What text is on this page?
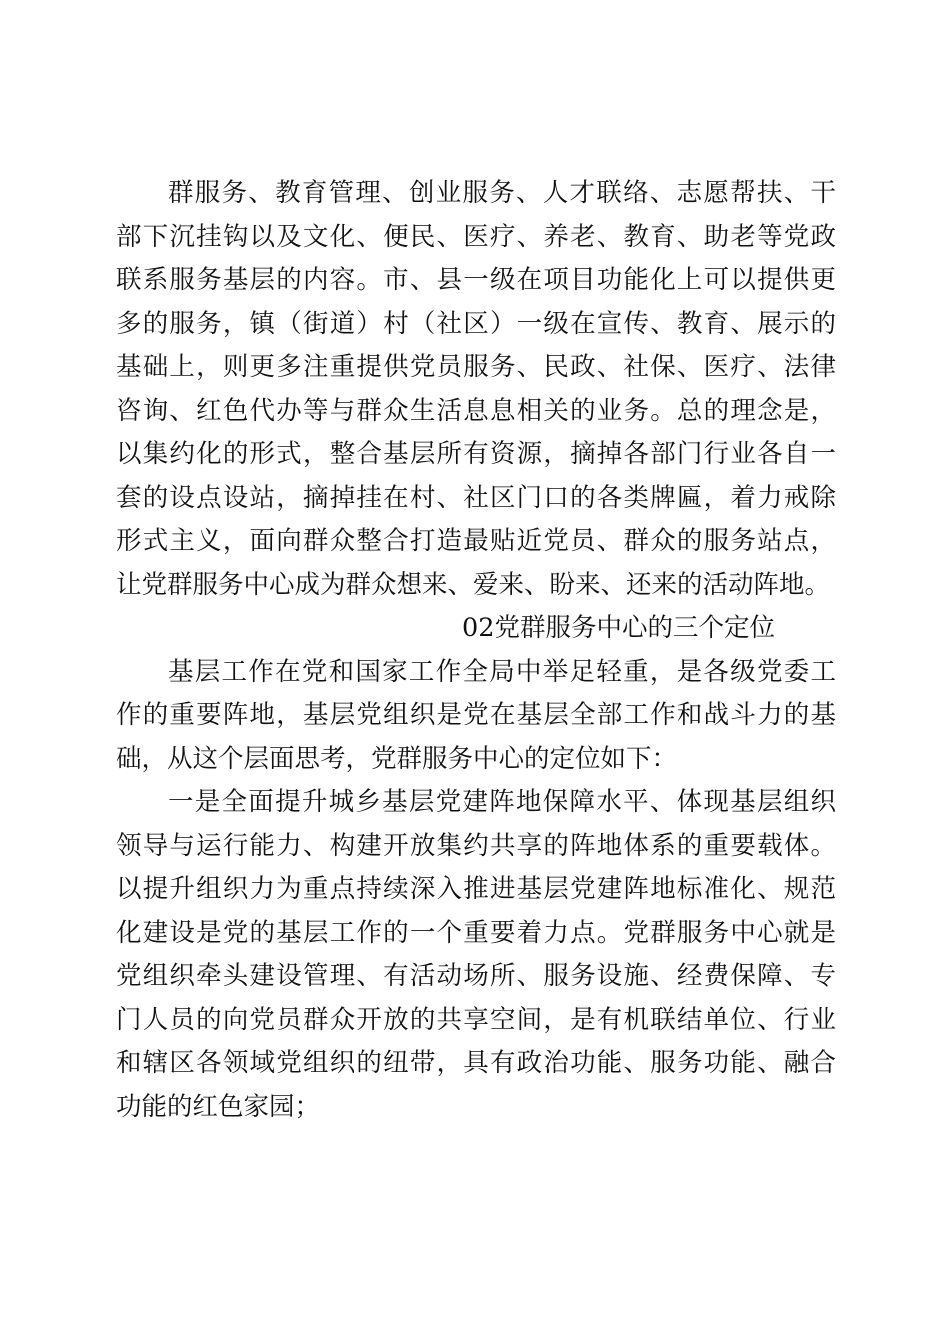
群服务、教育管理、创业服务、人才联络、志愿帮扶、干
部下沉挂钩以及文化、便民、医疗、养老、教育、助老等党政
联系服务基层的内容。市、县一级在项目功能化上可以提供更
多的服务，镇（街道）村（社区）一级在宣传、教育、展示的
基础上，则更多注重提供党员服务、民政、社保、医疗、法律
咨询、红色代办等与群众生活息息相关的业务。总的理念是，
以集约化的形式，整合基层所有资源，摘掉各部门行业各自一
套的设点设站，摘掉挂在村、社区门口的各类牌匾，着力戒除
形式主义，面向群众整合打造最贴近党员、群众的服务站点，
让党群服务中心成为群众想来、爱来、盼来、还来的活动阵地。
02党群服务中心的三个定位
基层工作在党和国家工作全局中举足轻重，是各级党委工
作的重要阵地，基层党组织是党在基层全部工作和战斗力的基
础，从这个层面思考，党群服务中心的定位如下：
一是全面提升城乡基层党建阵地保障水平、体现基层组织
领导与运行能力、构建开放集约共享的阵地体系的重要载体。
以提升组织力为重点持续深入推进基层党建阵地标准化、规范
化建设是党的基层工作的一个重要着力点。党群服务中心就是
党组织牵头建设管理、有活动场所、服务设施、经费保障、专
门人员的向党员群众开放的共享空间，是有机联结单位、行业
和辖区各领域党组织的纽带，具有政治功能、服务功能、融合
功能的红色家园；
